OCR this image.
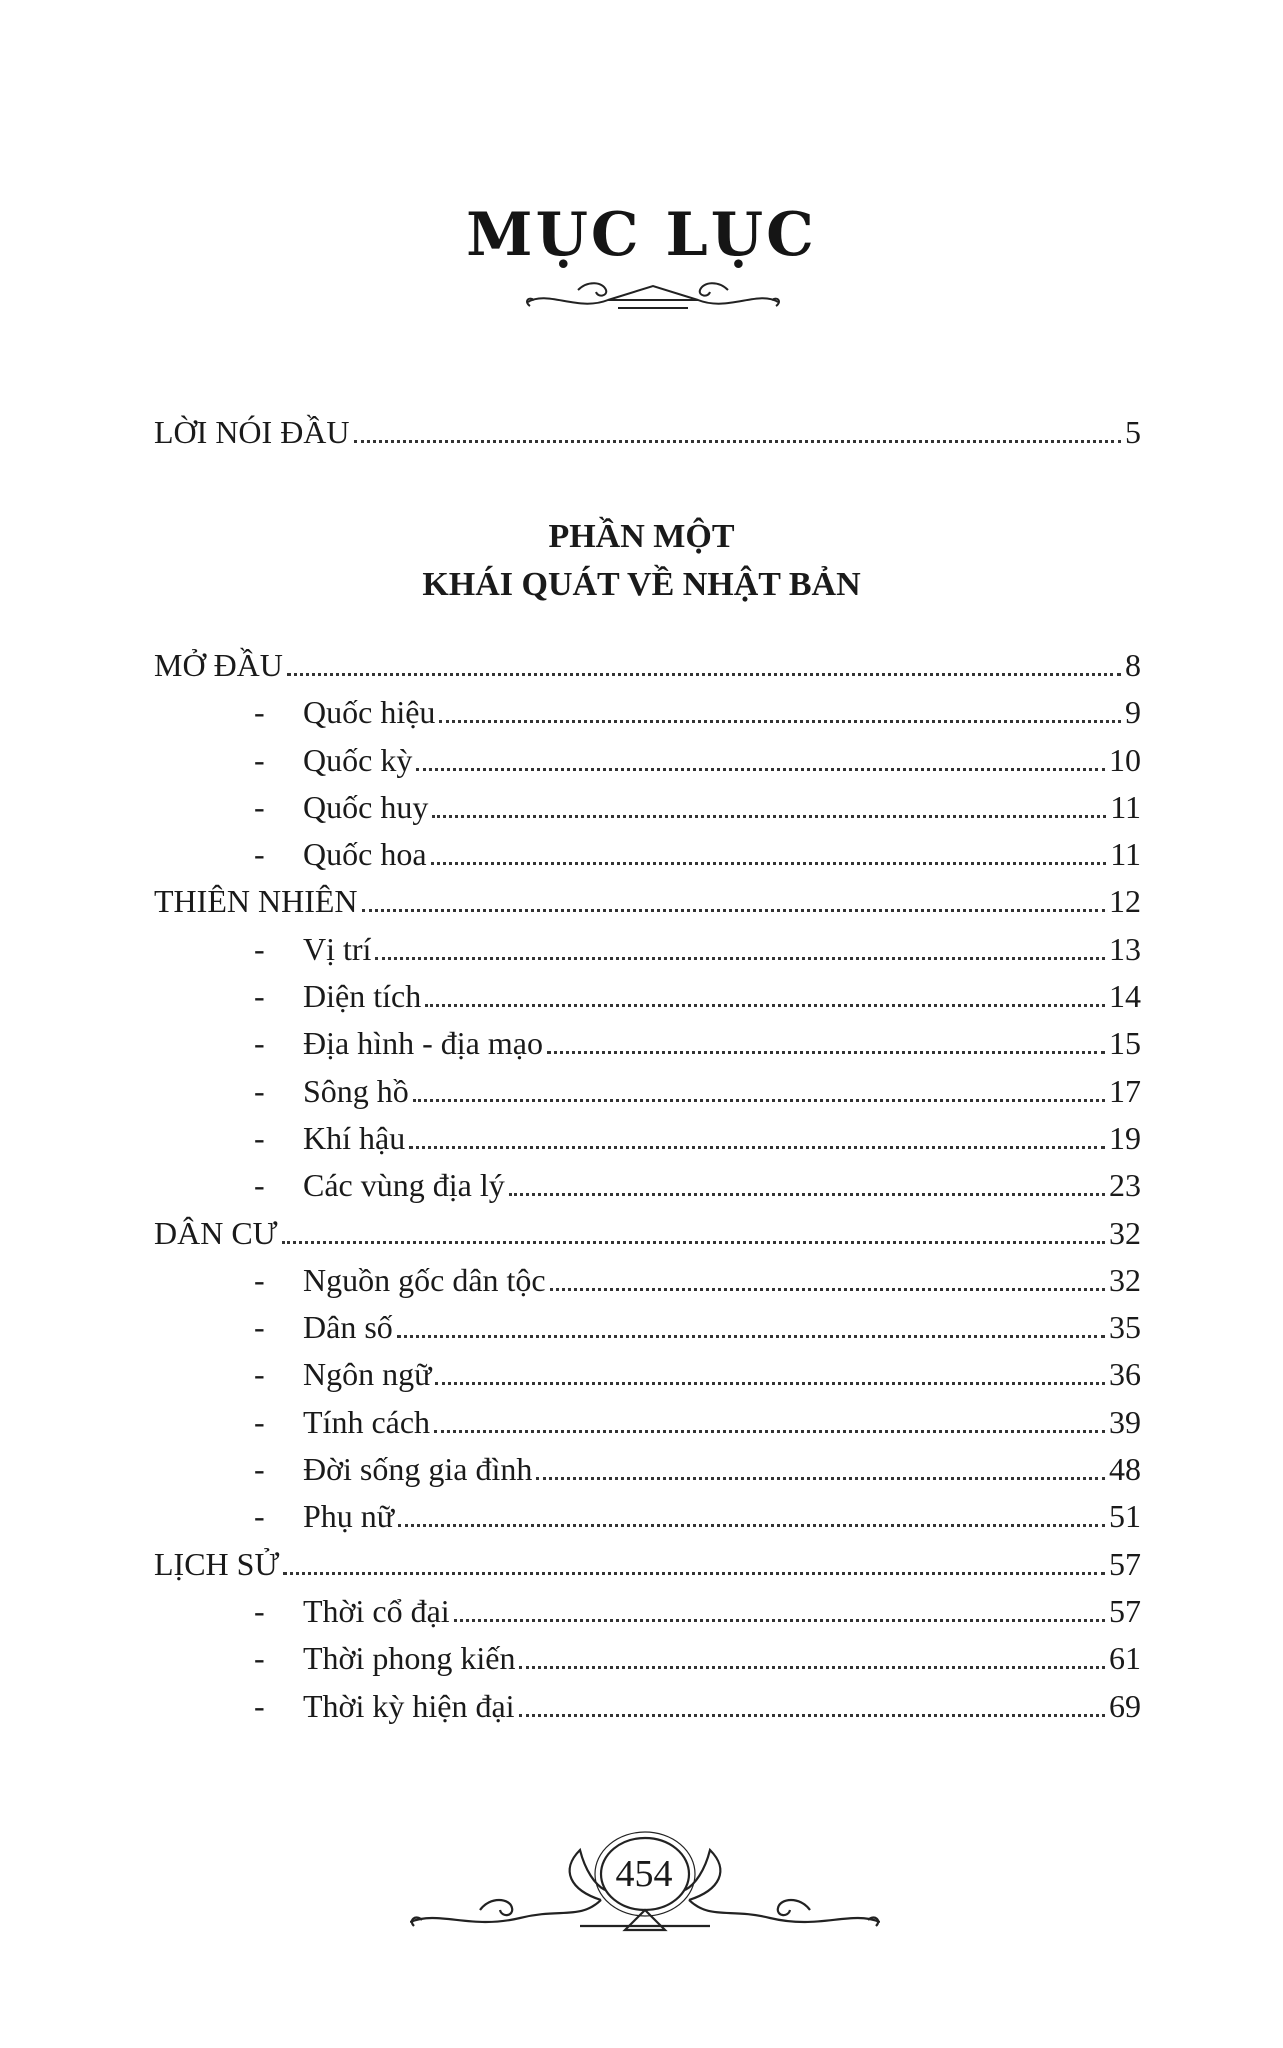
MỤC LỤC
LỜI NÓI ĐẦU	5
PHẦN MỘT
KHÁI QUÁT VỀ NHẬT BẢN
MỞ ĐẦU	8
- Quốc hiệu	9
- Quốc kỳ	10
- Quốc huy	11
- Quốc hoa	11
THIÊN NHIÊN	12
- Vị trí	13
- Diện tích	14
- Địa hình - địa mạo	15
- Sông hồ	17
- Khí hậu	19
- Các vùng địa lý	23
DÂN CƯ	32
- Nguồn gốc dân tộc	32
- Dân số	35
- Ngôn ngữ	36
- Tính cách	39
- Đời sống gia đình	48
- Phụ nữ	51
LỊCH SỬ	57
- Thời cổ đại	57
- Thời phong kiến	61
- Thời kỳ hiện đại	69
454
